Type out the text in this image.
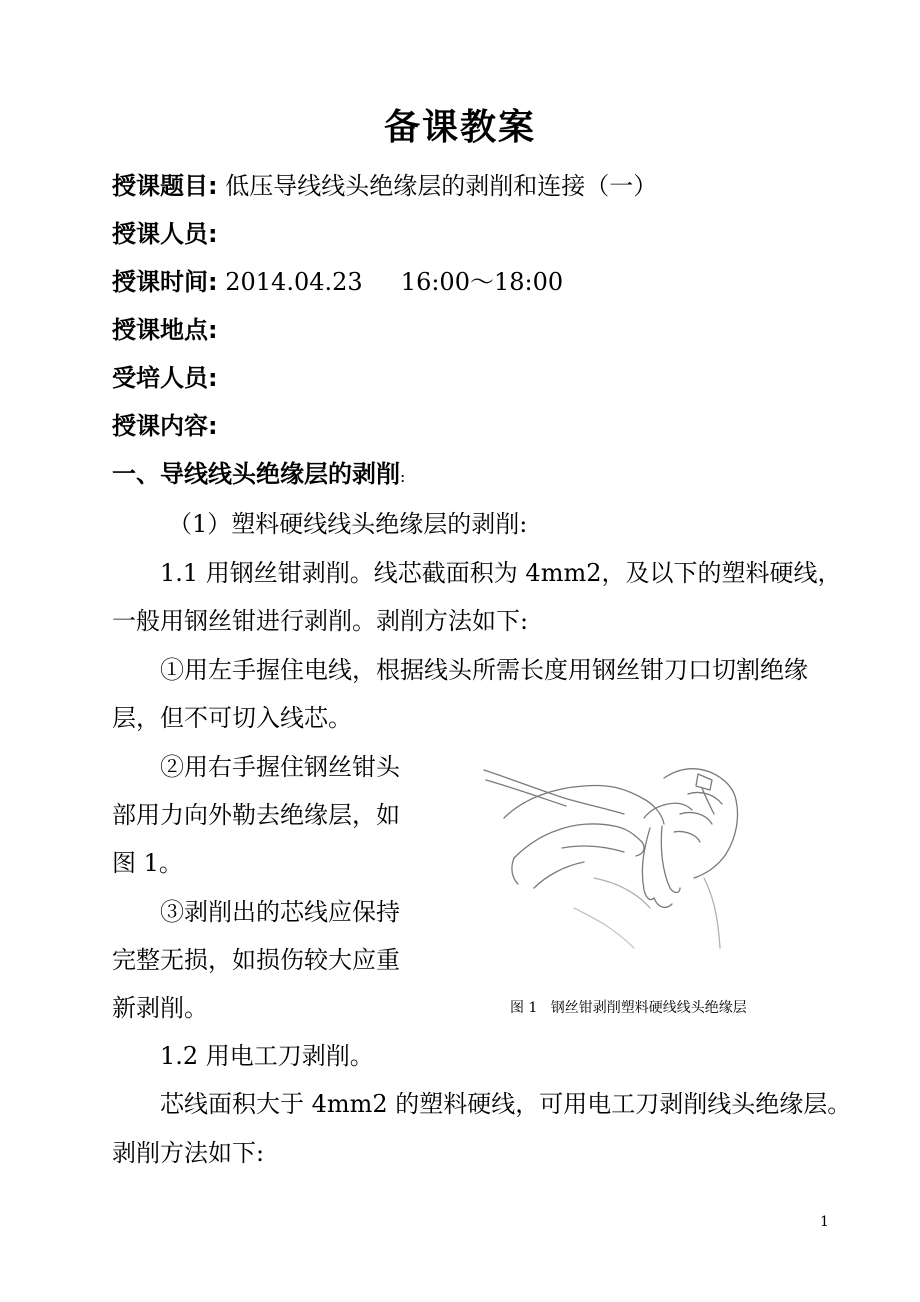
备课教案
授课题目: 低压导线线头绝缘层的剥削和连接（一）
授课人员:
授课时间: 2014.04.23     16:00～18:00
授课地点:
受培人员:
授课内容:
一、导线线头绝缘层的剥削:
（1）塑料硬线线头绝缘层的剥削:
1.1 用钢丝钳剥削。线芯截面积为 4mm2，及以下的塑料硬线，
一般用钢丝钳进行剥削。剥削方法如下:
①用左手握住电线，根据线头所需长度用钢丝钳刀口切割绝缘
层，但不可切入线芯。
②用右手握住钢丝钳头
部用力向外勒去绝缘层，如
图 1。
③剥削出的芯线应保持
完整无损，如损伤较大应重
新剥削。	图 1   钢丝钳剥削塑料硬线线头绝缘层
1.2 用电工刀剥削。
芯线面积大于 4mm2 的塑料硬线，可用电工刀剥削线头绝缘层。
剥削方法如下:
1
